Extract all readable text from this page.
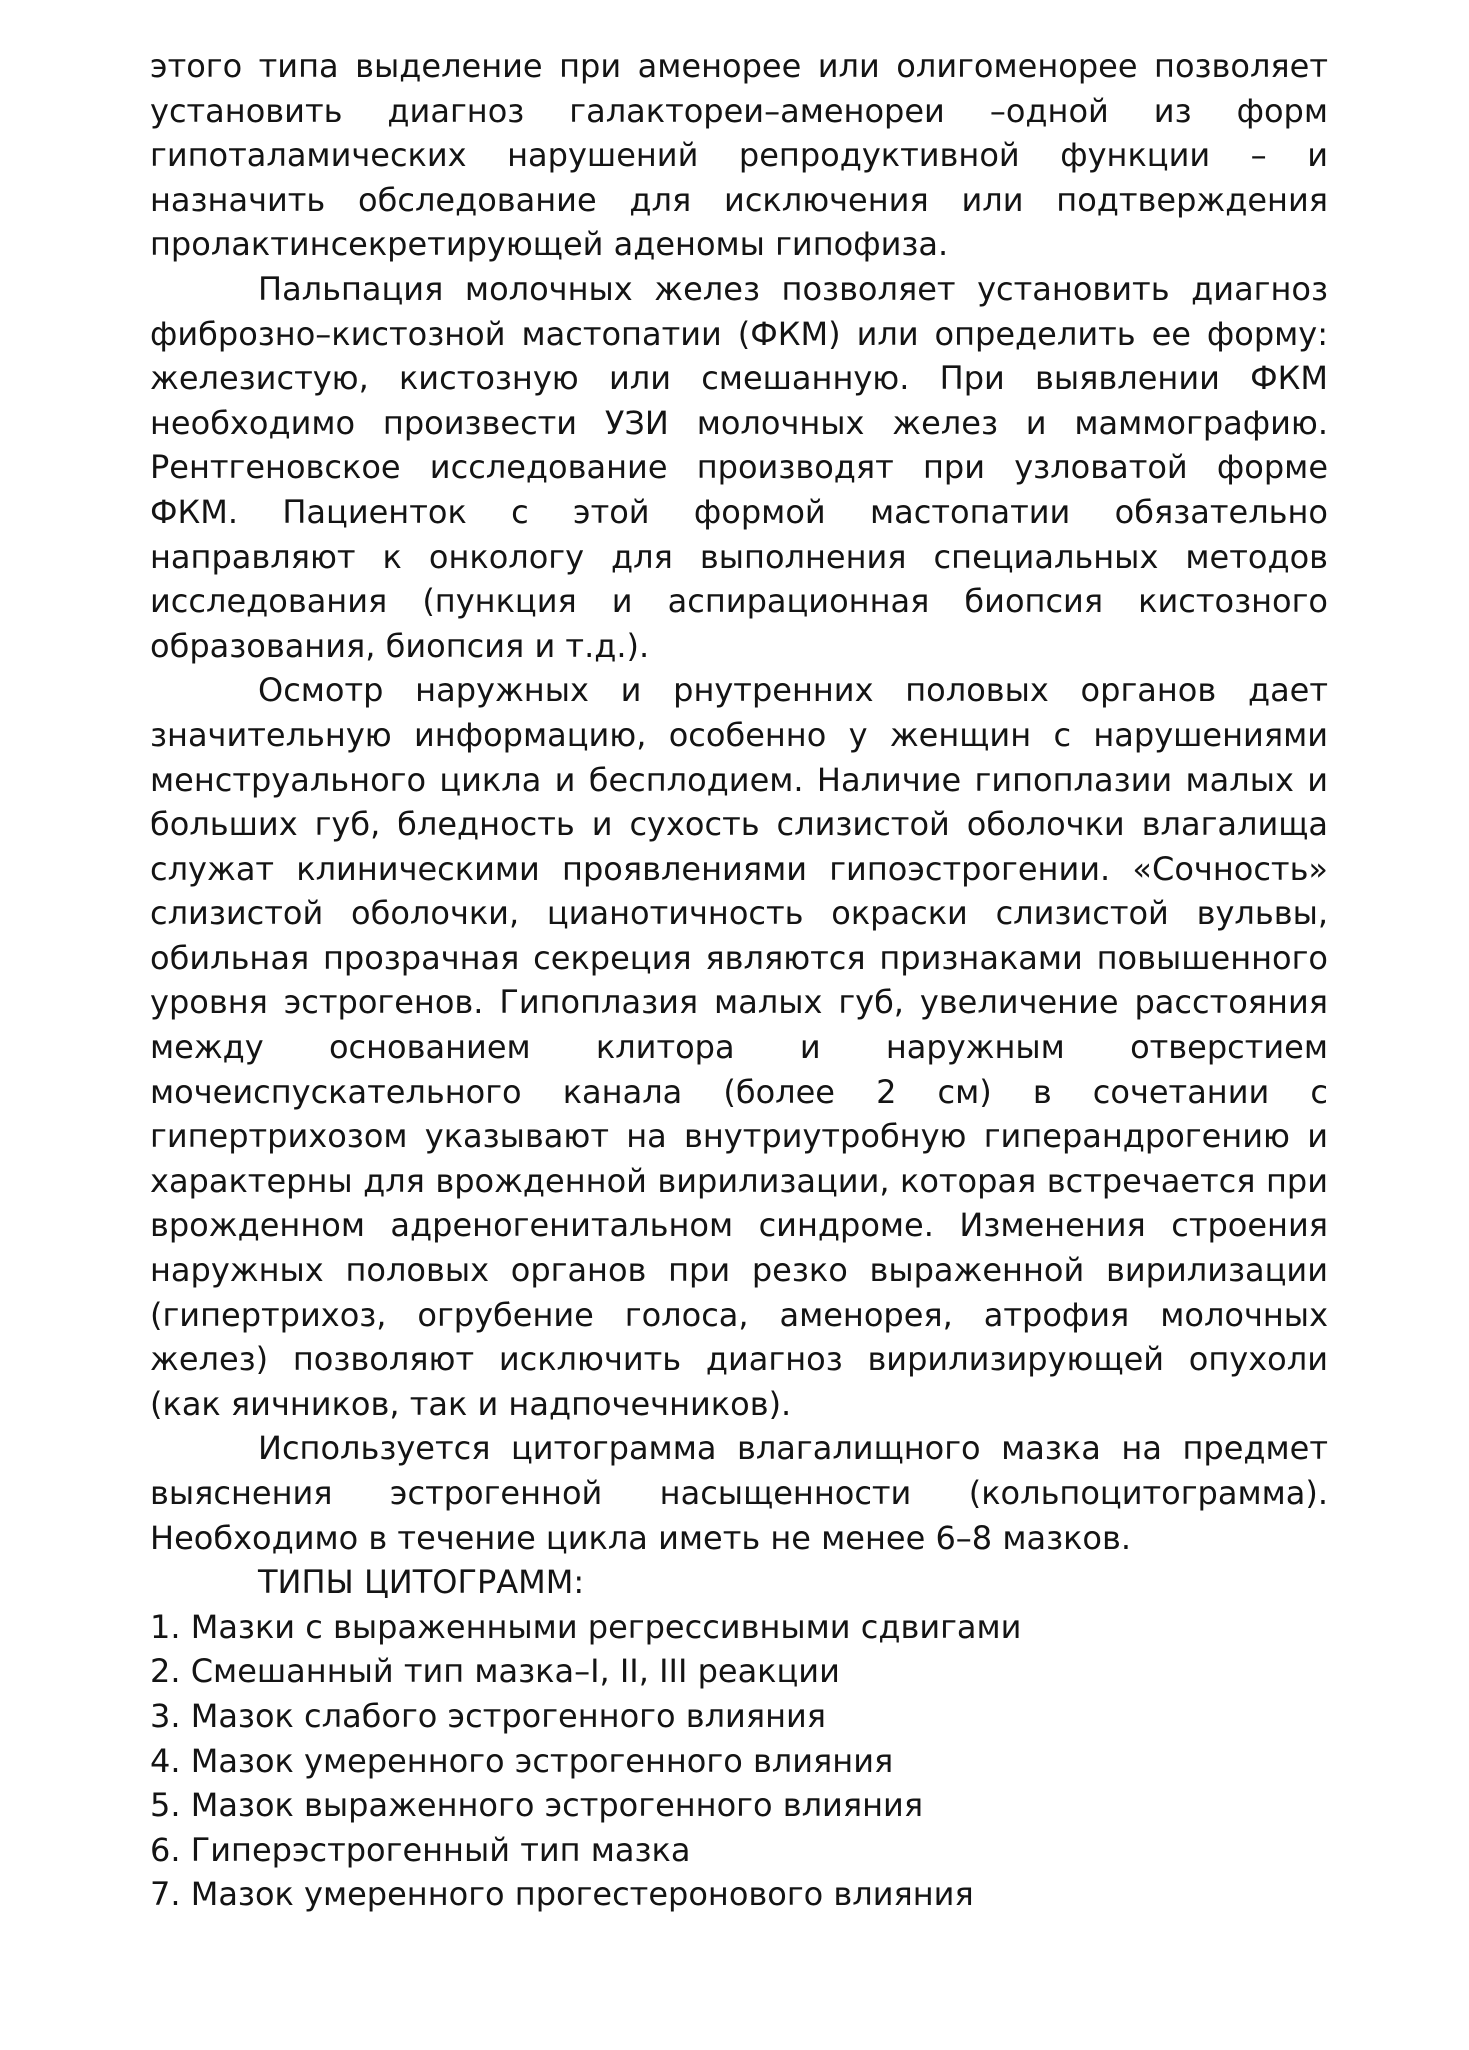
этого типа выделение при аменорее или олигоменорее позволяет установить диагноз галактореи–аменореи –одной из форм гипоталамических нарушений репродуктивной функции – и назначить обследование для исключения или подтверждения пролактинсекретирующей аденомы гипофиза.

Пальпация молочных желез позволяет установить диагноз фиброзно–кистозной мастопатии (ФКМ) или определить ее форму: железистую, кистозную или смешанную. При выявлении ФКМ необходимо произвести УЗИ молочных желез и маммографию. Рентгеновское исследование производят при узловатой форме ФКМ. Пациенток с этой формой мастопатии обязательно направляют к онкологу для выполнения специальных методов исследования (пункция и аспирационная биопсия кистозного образования, биопсия и т.д.).

Осмотр наружных и рнутренних половых органов дает значительную информацию, особенно у женщин с нарушениями менструального цикла и бесплодием. Наличие гипоплазии малых и больших губ, бледность и сухость слизистой оболочки влагалища служат клиническими проявлениями гипоэстрогении. «Сочность» слизистой оболочки, цианотичность окраски слизистой вульвы, обильная прозрачная секреция являются признаками повышенного уровня эстрогенов. Гипоплазия малых губ, увеличение расстояния между основанием клитора и наружным отверстием мочеиспускательного канала (более 2 см) в сочетании с гипертрихозом указывают на внутриутробную гиперандрогению и характерны для врожденной вирилизации, которая встречается при врожденном адреногенитальном синдроме. Изменения строения наружных половых органов при резко выраженной вирилизации (гипертрихоз, огрубение голоса, аменорея, атрофия молочных желез) позволяют исключить диагноз вирилизирующей опухоли (как яичников, так и надпочечников).

Используется цитограмма влагалищного мазка на предмет выяснения эстрогенной насыщенности (кольпоцитограмма). Необходимо в течение цикла иметь не менее 6–8 мазков.

ТИПЫ ЦИТОГРАММ:
1. Мазки с выраженными регрессивными сдвигами
2. Смешанный тип мазка–I, II, III реакции
3. Мазок слабого эстрогенного влияния
4. Мазок умеренного эстрогенного влияния
5. Мазок выраженного эстрогенного влияния
6. Гиперэстрогенный тип мазка
7. Мазок умеренного прогестеронового влияния
